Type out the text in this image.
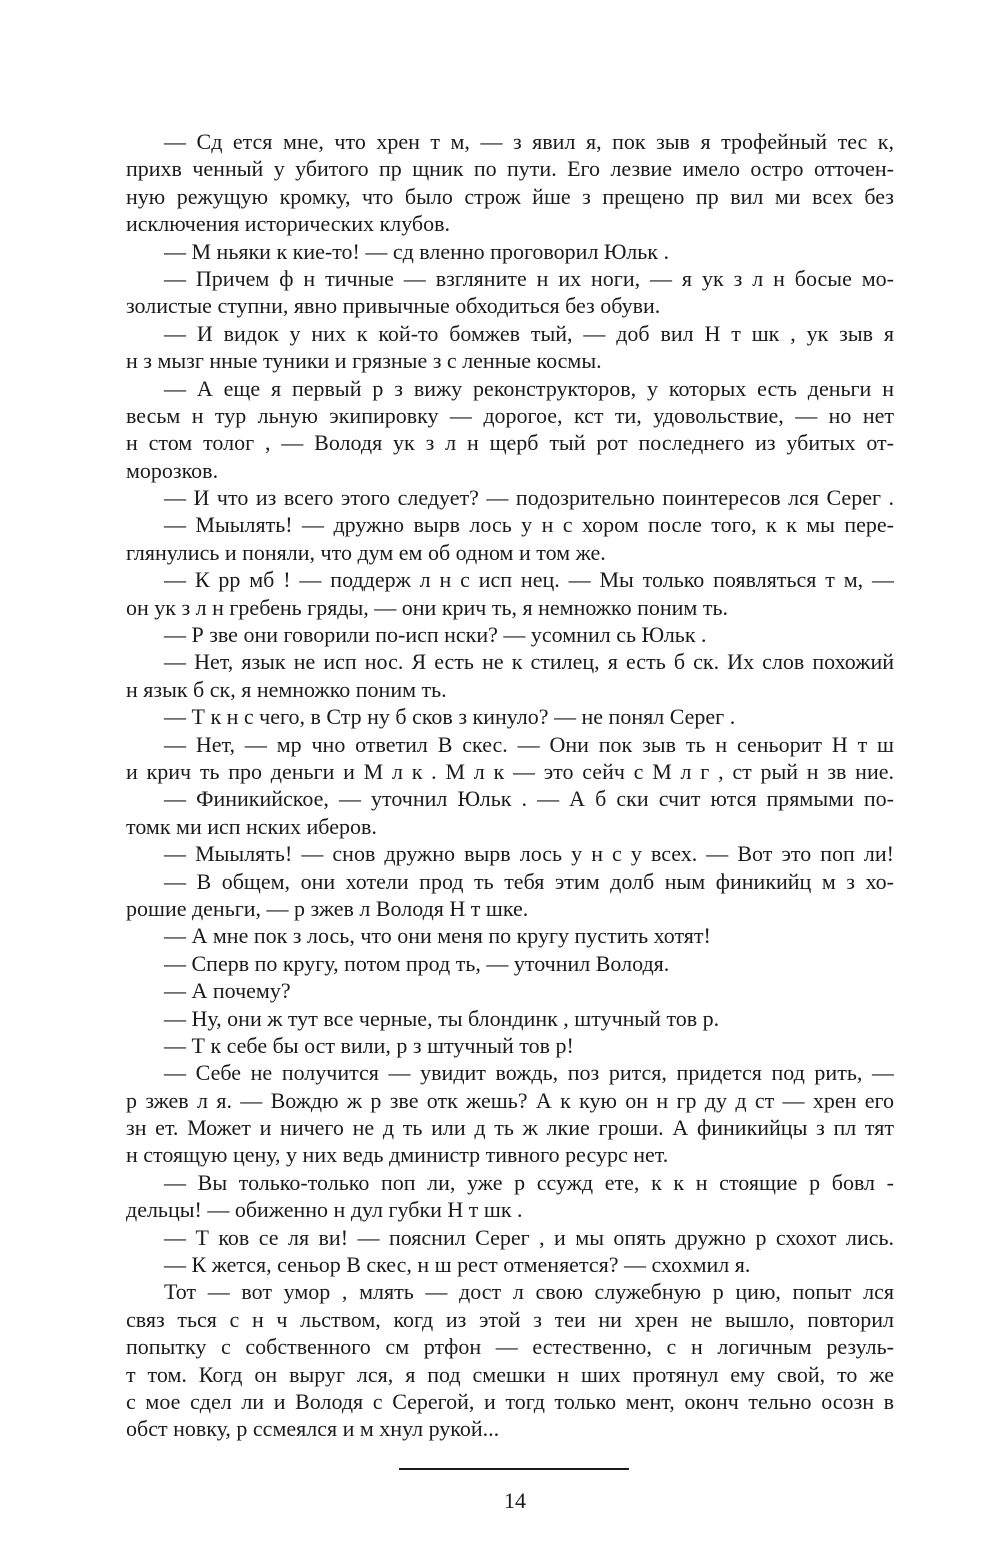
— Сд ется мне, что хрен т м, — з явил я, пок зыв я трофейный тес к,
прихв ченный у убитого пр щник по пути. Его лезвие имело остро отточен-
ную режущую кромку, что было строж йше з прещено пр вил ми всех без
исключения исторических клубов.
— М ньяки к кие-то! — сд вленно проговорил Юльк .
— Причем ф н тичные — взгляните н их ноги, — я ук з л н босые мо-
золистые ступни, явно привычные обходиться без обуви.
— И видок у них к кой-то бомжев тый, — доб вил Н т шк , ук зыв я
н з мызг нные туники и грязные з с ленные космы.
— А еще я первый р з вижу реконструкторов, у которых есть деньги н
весьм н тур льную экипировку — дорогое, кст ти, удовольствие, — но нет
н стом толог , — Володя ук з л н щерб тый рот последнего из убитых от-
морозков.
— И что из всего этого следует? — подозрительно поинтересов лся Серег .
— Мыылять! — дружно вырв лось у н с хором после того, к к мы пере-
глянулись и поняли, что дум ем об одном и том же.
— К рр мб ! — поддерж л н с исп нец. — Мы только появляться т м, —
он ук з л н гребень гряды, — они крич ть, я немножко поним ть.
— Р зве они говорили по-исп нски? — усомнил сь Юльк .
— Нет, язык не исп нос. Я есть не к стилец, я есть б ск. Их слов похожий
н язык б ск, я немножко поним ть.
— Т к н с чего, в Стр ну б сков з кинуло? — не понял Серег .
— Нет, — мр чно ответил В скес. — Они пок зыв ть н сеньорит Н т ш
и крич ть про деньги и М л к . М л к — это сейч с М л г , ст рый н зв ние.
— Финикийское, — уточнил Юльк . — А б ски счит ются прямыми по-
томк ми исп нских иберов.
— Мыылять! — снов дружно вырв лось у н с у всех. — Вот это поп ли!
— В общем, они хотели прод ть тебя этим долб ным финикийц м з хо-
рошие деньги, — р зжев л Володя Н т шке.
— А мне пок з лось, что они меня по кругу пустить хотят!
— Сперв по кругу, потом прод ть, — уточнил Володя.
— А почему?
— Ну, они ж тут все черные, ты блондинк , штучный тов р.
— Т к себе бы ост вили, р з штучный тов р!
— Себе не получится — увидит вождь, поз рится, придется под рить, —
р зжев л я. — Вождю ж р зве отк жешь? А к кую он н гр ду д ст — хрен его
зн ет. Может и ничего не д ть или д ть ж лкие гроши. А финикийцы з пл тят
н стоящую цену, у них ведь дминистр тивного ресурс нет.
— Вы только-только поп ли, уже р ссужд ете, к к н стоящие р бовл -
дельцы! — обиженно н дул губки Н т шк .
— Т ков се ля ви! — пояснил Серег , и мы опять дружно р схохот лись.
— К жется, сеньор В скес, н ш рест отменяется? — схохмил я.
Тот — вот умор , млять — дост л свою служебную р цию, попыт лся
связ ться с н ч льством, когд из этой з теи ни хрен не вышло, повторил
попытку с собственного см ртфон — естественно, с н логичным резуль-
т том. Когд он выруг лся, я под смешки н ших протянул ему свой, то же
с мое сдел ли и Володя с Серегой, и тогд только мент, оконч тельно осозн в
обст новку, р ссмеялся и м хнул рукой...
14
